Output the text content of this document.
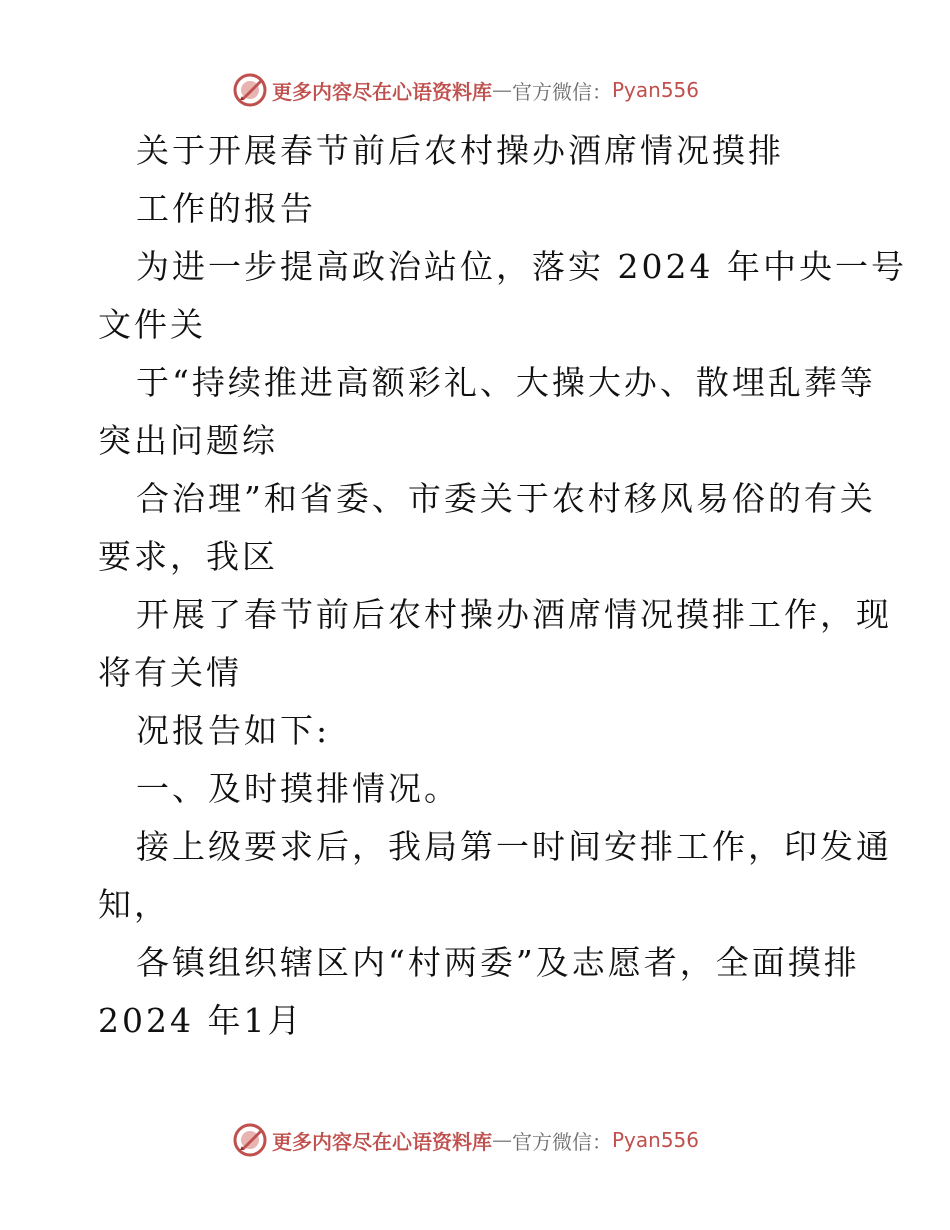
更多内容尽在心语资料库 — 官方微信： Pyan556
关于开展春节前后农村操办酒席情况摸排
工作的报告
为进一步提高政治站位，落实 2024 年中央一号
文件关
于“持续推进高额彩礼、大操大办、散埋乱葬等
突出问题综
合治理”和省委、市委关于农村移风易俗的有关
要求，我区
开展了春节前后农村操办酒席情况摸排工作，现
将有关情
况报告如下:
一、及时摸排情况。
接上级要求后，我局第一时间安排工作，印发通
知，
各镇组织辖区内“村两委”及志愿者，全面摸排
2024 年1月
更多内容尽在心语资料库 — 官方微信： Pyan556
